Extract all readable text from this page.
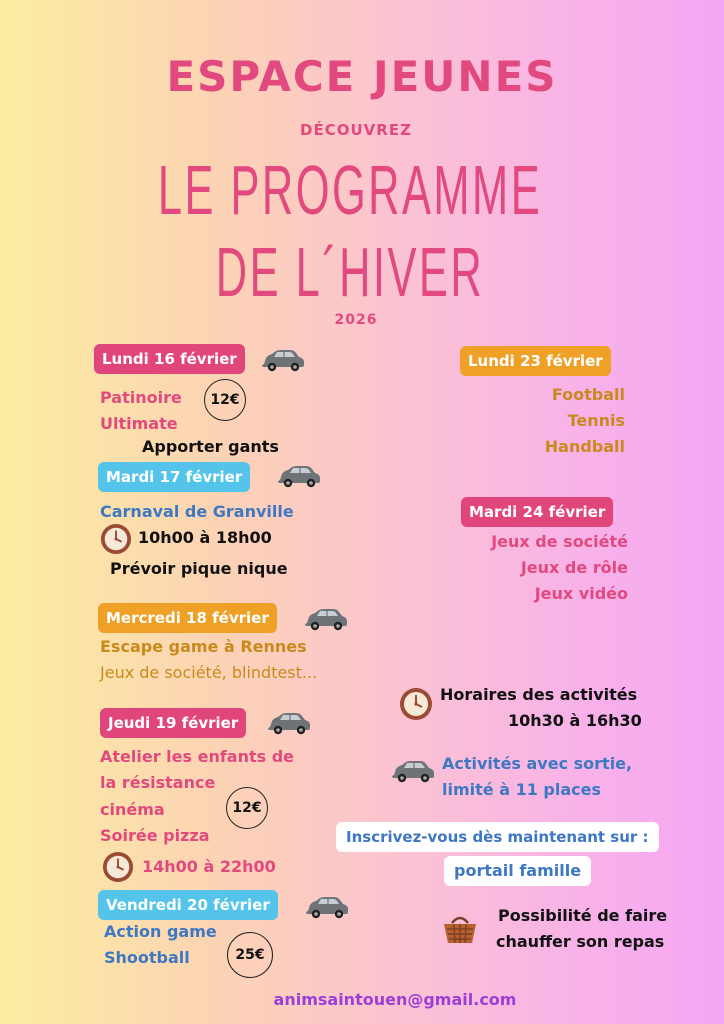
ESPACE JEUNES
DÉCOUVREZ
LE PROGRAMME
DE L´HIVER
2026
Lundi 16 février
Patinoire
Ultimate
12€
Apporter gants
Mardi 17 février
Carnaval de Granville
10h00 à 18h00
Prévoir pique nique
Mercredi 18 février
Escape game à Rennes
Jeux de société, blindtest...
Jeudi 19 février
Atelier les enfants de
la résistance
cinéma	12€
Soirée pizza
14h00 à 22h00
Vendredi 20 février
Action game
Shootball	25€
Lundi 23 février
Football
Tennis
Handball
Mardi 24 février
Jeux de société
Jeux de rôle
Jeux vidéo
Horaires des activités
10h30 à 16h30
Activités avec sortie,
limité à 11 places
Inscrivez-vous dès maintenant sur :
portail famille
Possibilité de faire
chauffer son repas
animsaintouen@gmail.com
